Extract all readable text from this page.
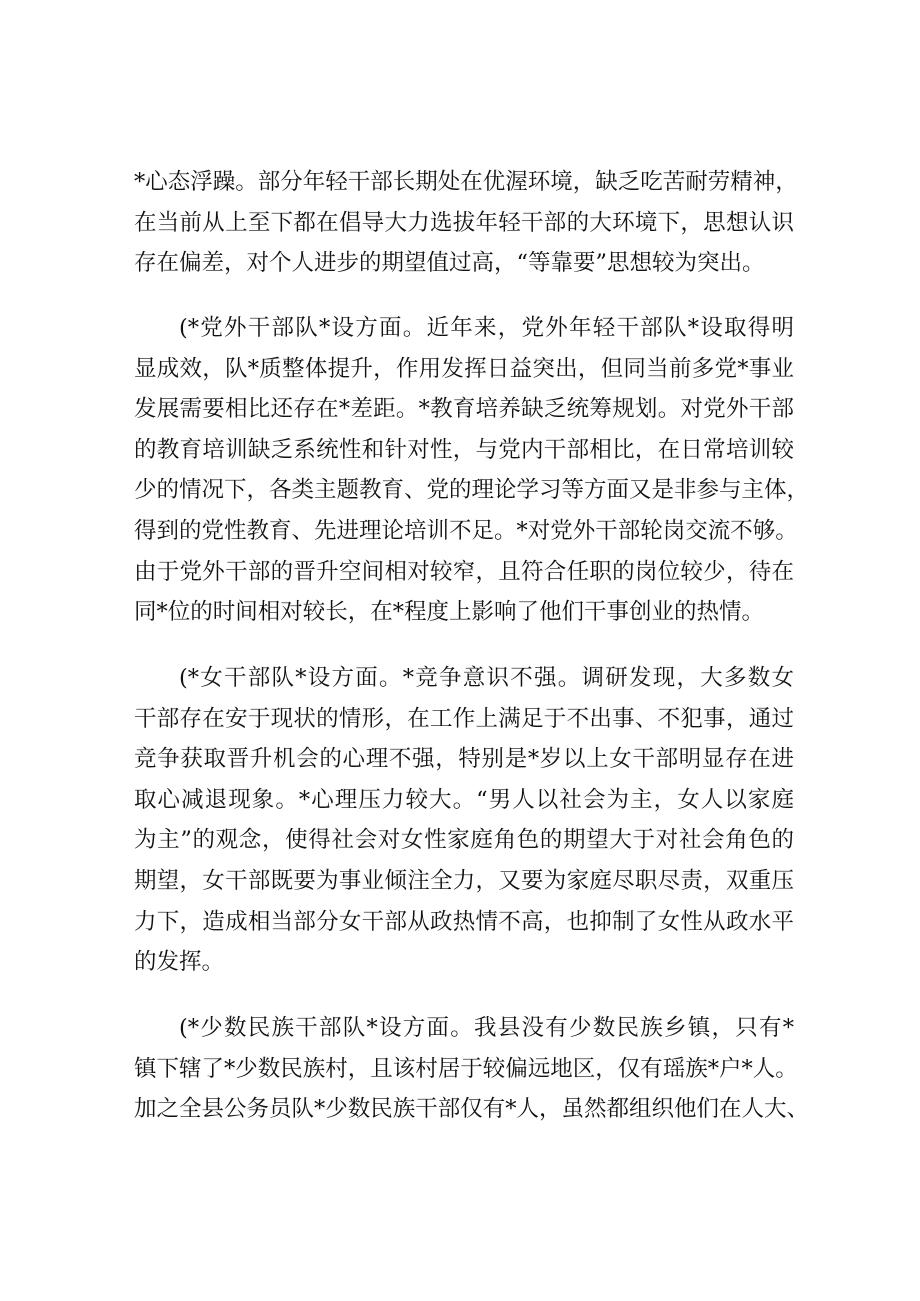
*心态浮躁。部分年轻干部长期处在优渥环境，缺乏吃苦耐劳精神，
在当前从上至下都在倡导大力选拔年轻干部的大环境下，思想认识
存在偏差，对个人进步的期望值过高，“等靠要”思想较为突出。
(*党外干部队*设方面。近年来，党外年轻干部队*设取得明
显成效，队*质整体提升，作用发挥日益突出，但同当前多党*事业
发展需要相比还存在*差距。*教育培养缺乏统筹规划。对党外干部
的教育培训缺乏系统性和针对性，与党内干部相比，在日常培训较
少的情况下，各类主题教育、党的理论学习等方面又是非参与主体，
得到的党性教育、先进理论培训不足。*对党外干部轮岗交流不够。
由于党外干部的晋升空间相对较窄，且符合任职的岗位较少，待在
同*位的时间相对较长，在*程度上影响了他们干事创业的热情。
(*女干部队*设方面。*竞争意识不强。调研发现，大多数女
干部存在安于现状的情形，在工作上满足于不出事、不犯事，通过
竞争获取晋升机会的心理不强，特别是*岁以上女干部明显存在进
取心减退现象。*心理压力较大。“男人以社会为主，女人以家庭
为主”的观念，使得社会对女性家庭角色的期望大于对社会角色的
期望，女干部既要为事业倾注全力，又要为家庭尽职尽责，双重压
力下，造成相当部分女干部从政热情不高，也抑制了女性从政水平
的发挥。
(*少数民族干部队*设方面。我县没有少数民族乡镇，只有*
镇下辖了*少数民族村，且该村居于较偏远地区，仅有瑶族*户*人。
加之全县公务员队*少数民族干部仅有*人，虽然都组织他们在人大、
